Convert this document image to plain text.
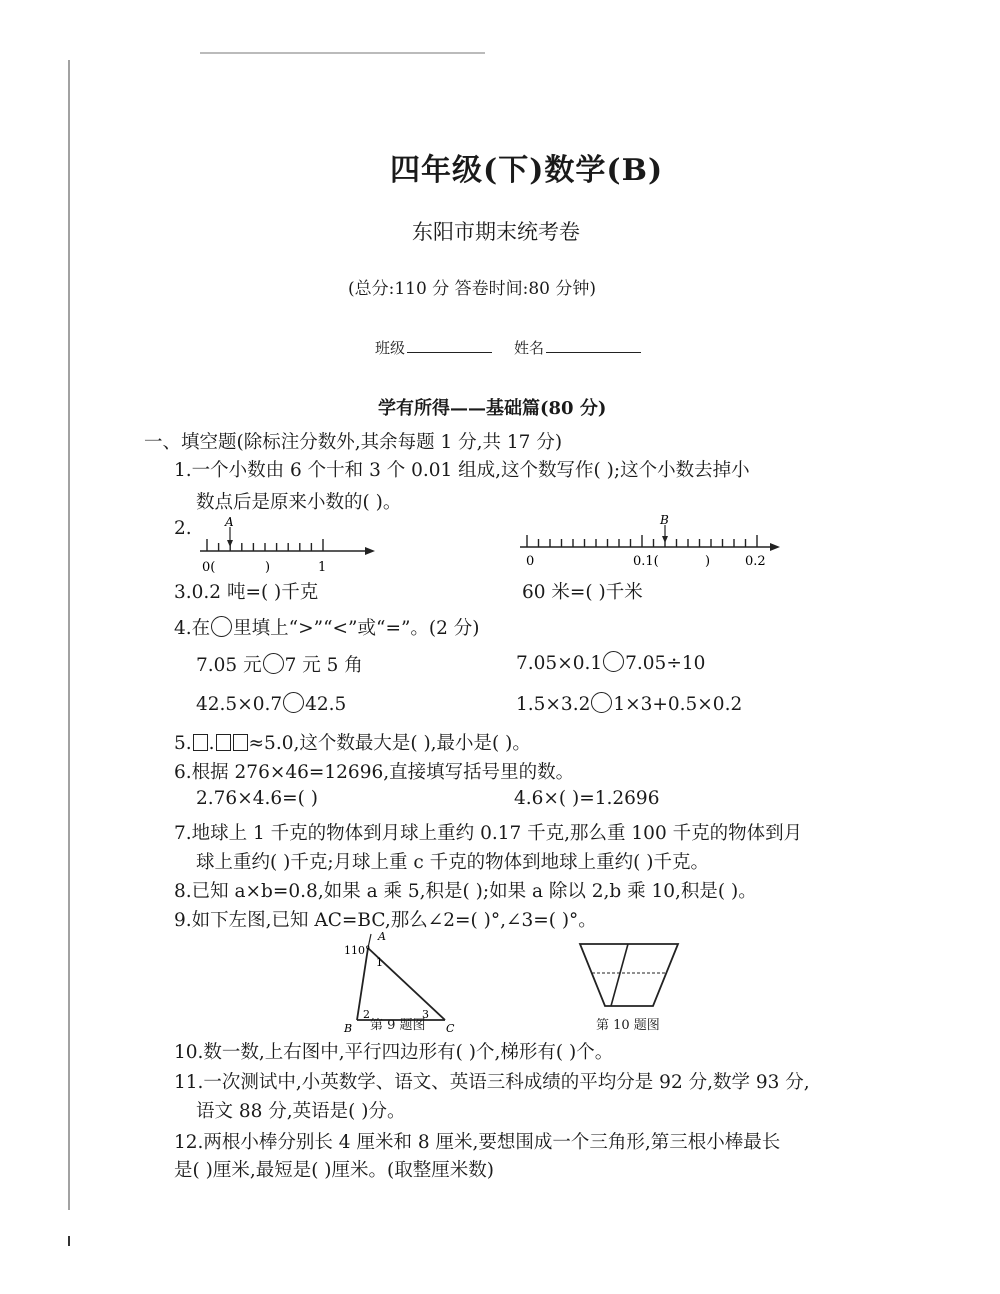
四年级(下)数学(B)
东阳市期末统考卷
(总分:110 分 答卷时间:80 分钟)
班级	姓名
学有所得——基础篇(80 分)
一、填空题(除标注分数外,其余每题 1 分,共 17 分)
1.一个小数由 6 个十和 3 个 0.01 组成,这个数写作( );这个小数去掉小
数点后是原来小数的( )。
2.	A
0(	)	1
B
0	0.1(	)	0.2
3.0.2 吨=( )千克	60 米=( )千米
4.在 里填上“>”“<”或“=”。(2 分)
7.05 元 7 元 5 角	7.05×0.1 7.05÷10
42.5×0.7 42.5	1.5×3.2 1×3+0.5×0.2
5. . ≈5.0,这个数最大是( ),最小是( )。
6.根据 276×46=12696,直接填写括号里的数。
2.76×4.6=( )	4.6×( )=1.2696
7.地球上 1 千克的物体到月球上重约 0.17 千克,那么重 100 千克的物体到月
球上重约( )千克;月球上重 c 千克的物体到地球上重约( )千克。
8.已知 a×b=0.8,如果 a 乘 5,积是( );如果 a 除以 2,b 乘 10,积是( )。
9.如下左图,已知 AC=BC,那么∠2=( )°,∠3=( )°。
110°
A
1
B
2	3
C
第 9 题图	第 10 题图
10.数一数,上右图中,平行四边形有( )个,梯形有( )个。
11.一次测试中,小英数学、语文、英语三科成绩的平均分是 92 分,数学 93 分,
语文 88 分,英语是( )分。
12.两根小棒分别长 4 厘米和 8 厘米,要想围成一个三角形,第三根小棒最长
是( )厘米,最短是( )厘米。(取整厘米数)
